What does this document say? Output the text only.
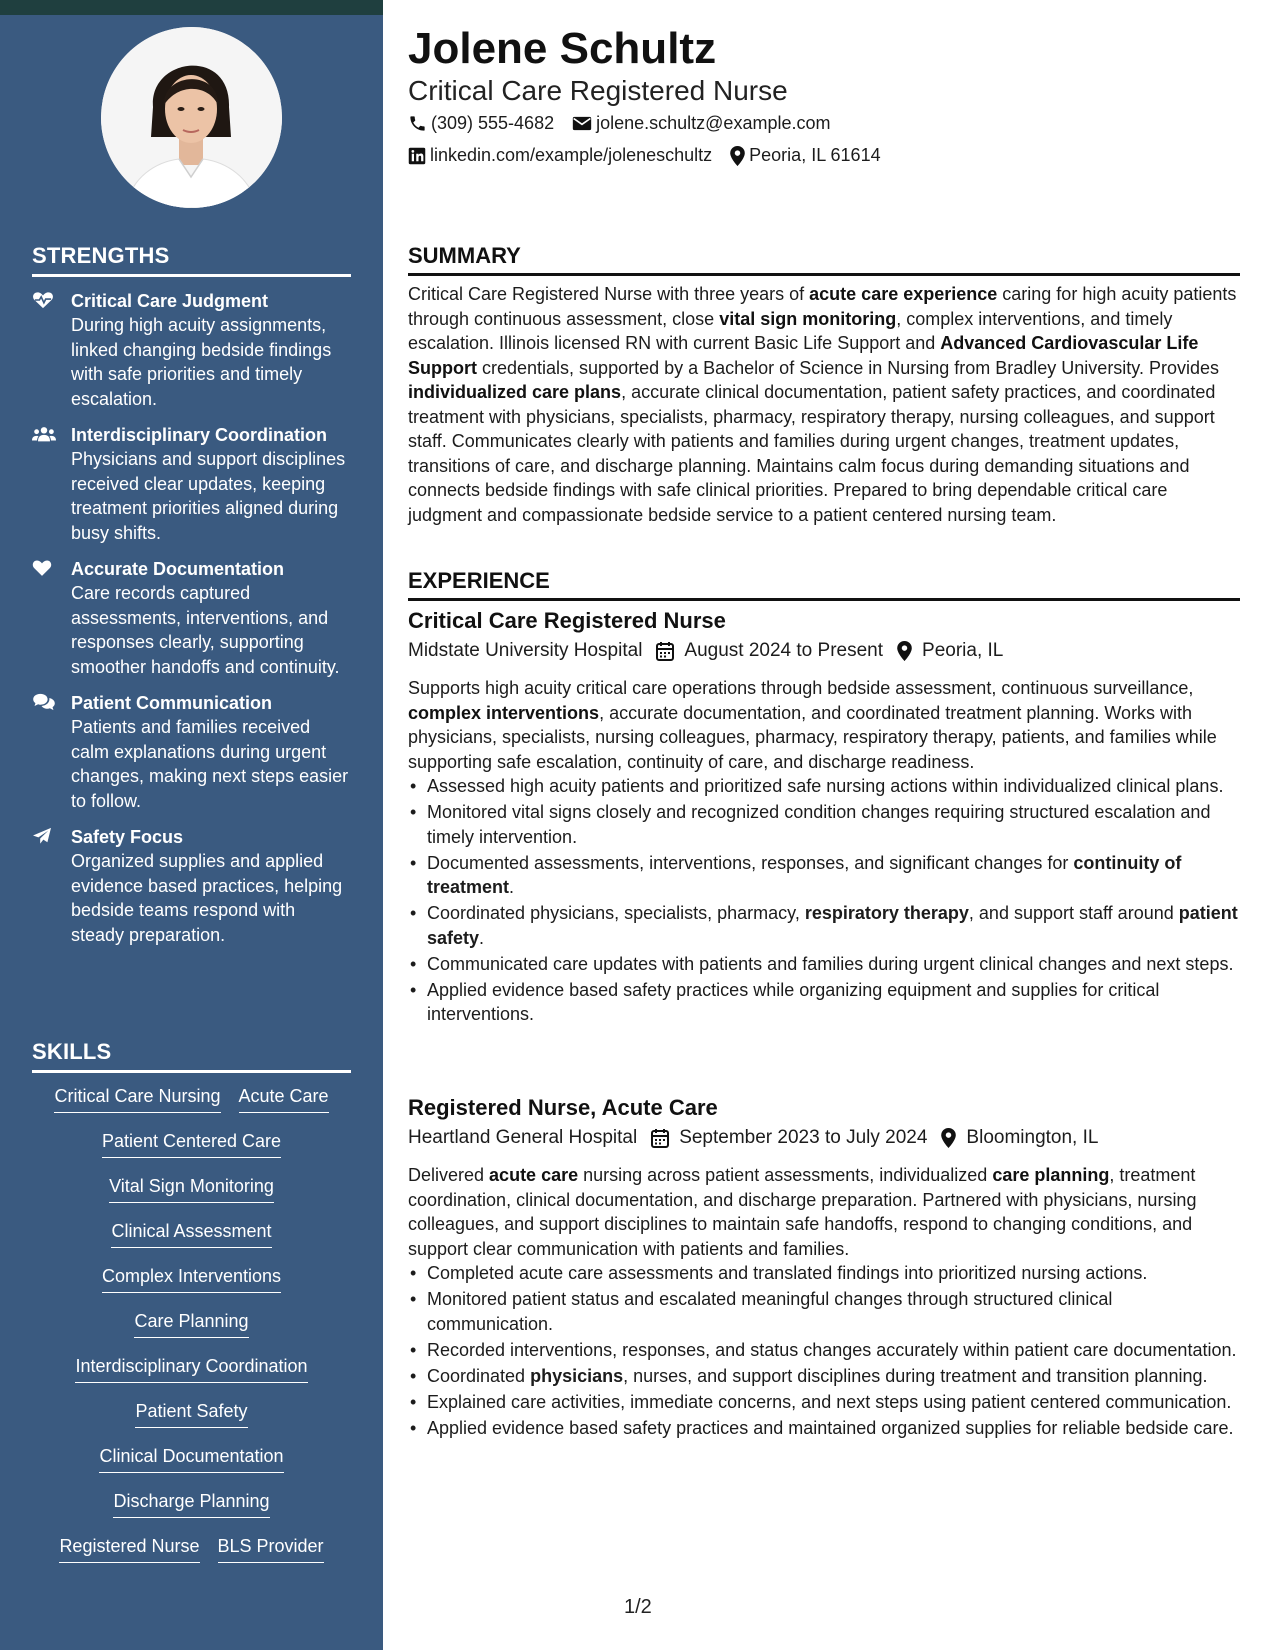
STRENGTHS
Critical Care Judgment
During high acuity assignments, linked changing bedside findings with safe priorities and timely escalation.
Interdisciplinary Coordination
Physicians and support disciplines received clear updates, keeping treatment priorities aligned during busy shifts.
Accurate Documentation
Care records captured assessments, interventions, and responses clearly, supporting smoother handoffs and continuity.
Patient Communication
Patients and families received calm explanations during urgent changes, making next steps easier to follow.
Safety Focus
Organized supplies and applied evidence based practices, helping bedside teams respond with steady preparation.
SKILLS
Critical Care Nursing Acute Care
Patient Centered Care
Vital Sign Monitoring
Clinical Assessment
Complex Interventions
Care Planning
Interdisciplinary Coordination
Patient Safety
Clinical Documentation
Discharge Planning
Registered Nurse BLS Provider
Jolene Schultz
Critical Care Registered Nurse
(309) 555-4682 jolene.schultz@example.com
linkedin.com/example/joleneschultz Peoria, IL 61614
SUMMARY
Critical Care Registered Nurse with three years of acute care experience caring for high acuity patients through continuous assessment, close vital sign monitoring, complex interventions, and timely escalation. Illinois licensed RN with current Basic Life Support and Advanced Cardiovascular Life Support credentials, supported by a Bachelor of Science in Nursing from Bradley University. Provides individualized care plans, accurate clinical documentation, patient safety practices, and coordinated treatment with physicians, specialists, pharmacy, respiratory therapy, nursing colleagues, and support staff. Communicates clearly with patients and families during urgent changes, treatment updates, transitions of care, and discharge planning. Maintains calm focus during demanding situations and connects bedside findings with safe clinical priorities. Prepared to bring dependable critical care judgment and compassionate bedside service to a patient centered nursing team.
EXPERIENCE
Critical Care Registered Nurse
Midstate University Hospital August 2024 to Present Peoria, IL
Supports high acuity critical care operations through bedside assessment, continuous surveillance, complex interventions, accurate documentation, and coordinated treatment planning. Works with physicians, specialists, nursing colleagues, pharmacy, respiratory therapy, patients, and families while supporting safe escalation, continuity of care, and discharge readiness.
• Assessed high acuity patients and prioritized safe nursing actions within individualized clinical plans.
• Monitored vital signs closely and recognized condition changes requiring structured escalation and timely intervention.
• Documented assessments, interventions, responses, and significant changes for continuity of treatment.
• Coordinated physicians, specialists, pharmacy, respiratory therapy, and support staff around patient safety.
• Communicated care updates with patients and families during urgent clinical changes and next steps.
• Applied evidence based safety practices while organizing equipment and supplies for critical interventions.
Registered Nurse, Acute Care
Heartland General Hospital September 2023 to July 2024 Bloomington, IL
Delivered acute care nursing across patient assessments, individualized care planning, treatment coordination, clinical documentation, and discharge preparation. Partnered with physicians, nursing colleagues, and support disciplines to maintain safe handoffs, respond to changing conditions, and support clear communication with patients and families.
• Completed acute care assessments and translated findings into prioritized nursing actions.
• Monitored patient status and escalated meaningful changes through structured clinical communication.
• Recorded interventions, responses, and status changes accurately within patient care documentation.
• Coordinated physicians, nurses, and support disciplines during treatment and transition planning.
• Explained care activities, immediate concerns, and next steps using patient centered communication.
• Applied evidence based safety practices and maintained organized supplies for reliable bedside care.
1/2
